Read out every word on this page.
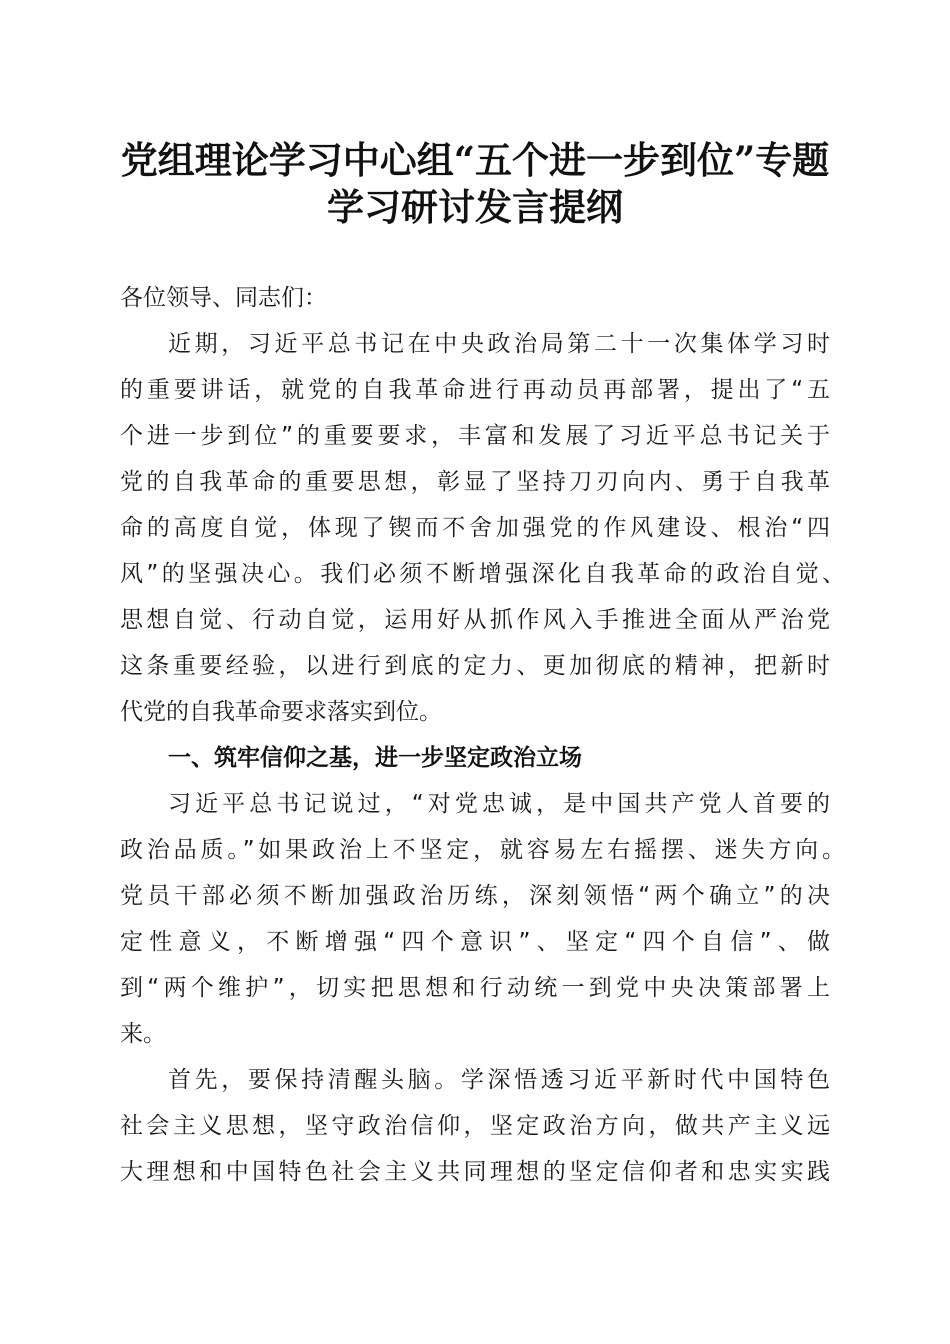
党组理论学习中心组“五个进一步到位”专题
学习研讨发言提纲
各位领导、同志们：
近期，习近平总书记在中央政治局第二十一次集体学习时
的重要讲话，就党的自我革命进行再动员再部署，提出了“五
个进一步到位”的重要要求，丰富和发展了习近平总书记关于
党的自我革命的重要思想，彰显了坚持刀刃向内、勇于自我革
命的高度自觉，体现了锲而不舍加强党的作风建设、根治“四
风”的坚强决心。我们必须不断增强深化自我革命的政治自觉、
思想自觉、行动自觉，运用好从抓作风入手推进全面从严治党
这条重要经验，以进行到底的定力、更加彻底的精神，把新时
代党的自我革命要求落实到位。
一、筑牢信仰之基，进一步坚定政治立场
习近平总书记说过，“对党忠诚，是中国共产党人首要的
政治品质。”如果政治上不坚定，就容易左右摇摆、迷失方向。
党员干部必须不断加强政治历练，深刻领悟“两个确立”的决
定性意义，不断增强“四个意识”、坚定“四个自信”、做
到“两个维护”，切实把思想和行动统一到党中央决策部署上
来。
首先，要保持清醒头脑。学深悟透习近平新时代中国特色
社会主义思想，坚守政治信仰，坚定政治方向，做共产主义远
大理想和中国特色社会主义共同理想的坚定信仰者和忠实实践
